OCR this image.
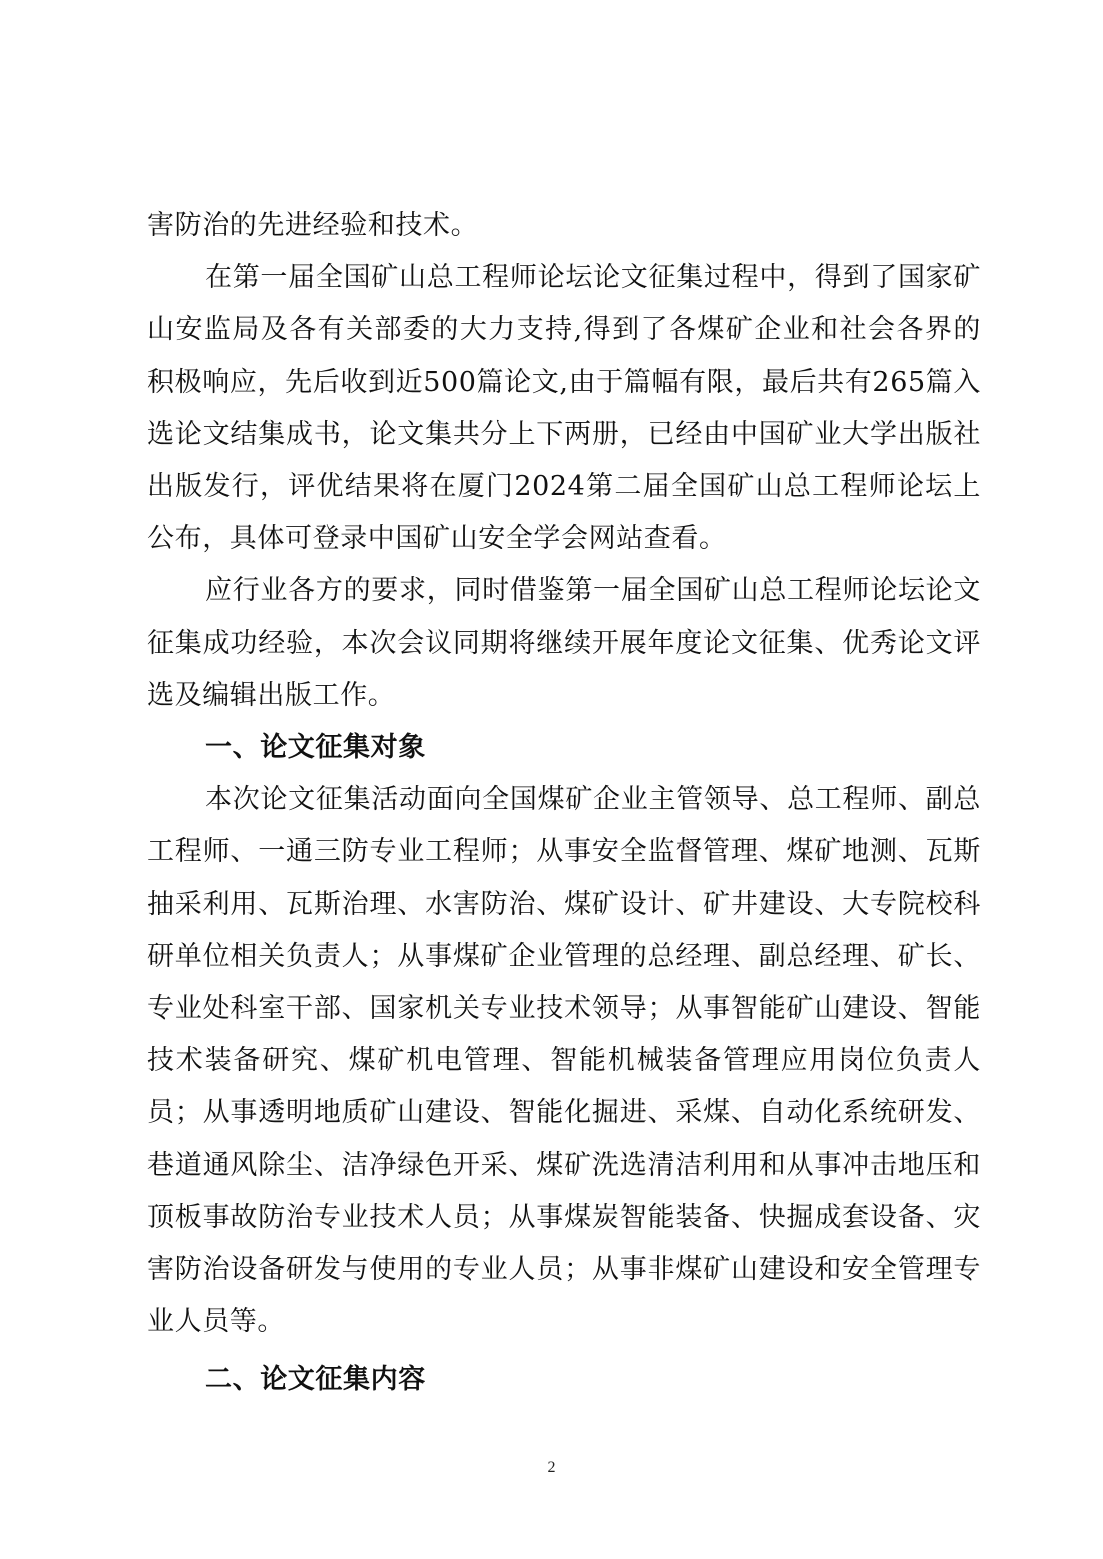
害防治的先进经验和技术。

在第一届全国矿山总工程师论坛论文征集过程中，得到了国家矿山安监局及各有关部委的大力支持,得到了各煤矿企业和社会各界的积极响应，先后收到近500篇论文,由于篇幅有限，最后共有265篇入选论文结集成书，论文集共分上下两册，已经由中国矿业大学出版社出版发行，评优结果将在厦门2024第二届全国矿山总工程师论坛上公布，具体可登录中国矿山安全学会网站查看。

应行业各方的要求，同时借鉴第一届全国矿山总工程师论坛论文征集成功经验，本次会议同期将继续开展年度论文征集、优秀论文评选及编辑出版工作。

一、论文征集对象

本次论文征集活动面向全国煤矿企业主管领导、总工程师、副总工程师、一通三防专业工程师；从事安全监督管理、煤矿地测、瓦斯抽采利用、瓦斯治理、水害防治、煤矿设计、矿井建设、大专院校科研单位相关负责人；从事煤矿企业管理的总经理、副总经理、矿长、专业处科室干部、国家机关专业技术领导；从事智能矿山建设、智能技术装备研究、煤矿机电管理、智能机械装备管理应用岗位负责人员；从事透明地质矿山建设、智能化掘进、采煤、自动化系统研发、巷道通风除尘、洁净绿色开采、煤矿洗选清洁利用和从事冲击地压和顶板事故防治专业技术人员；从事煤炭智能装备、快掘成套设备、灾害防治设备研发与使用的专业人员；从事非煤矿山建设和安全管理专业人员等。

二、论文征集内容
2
